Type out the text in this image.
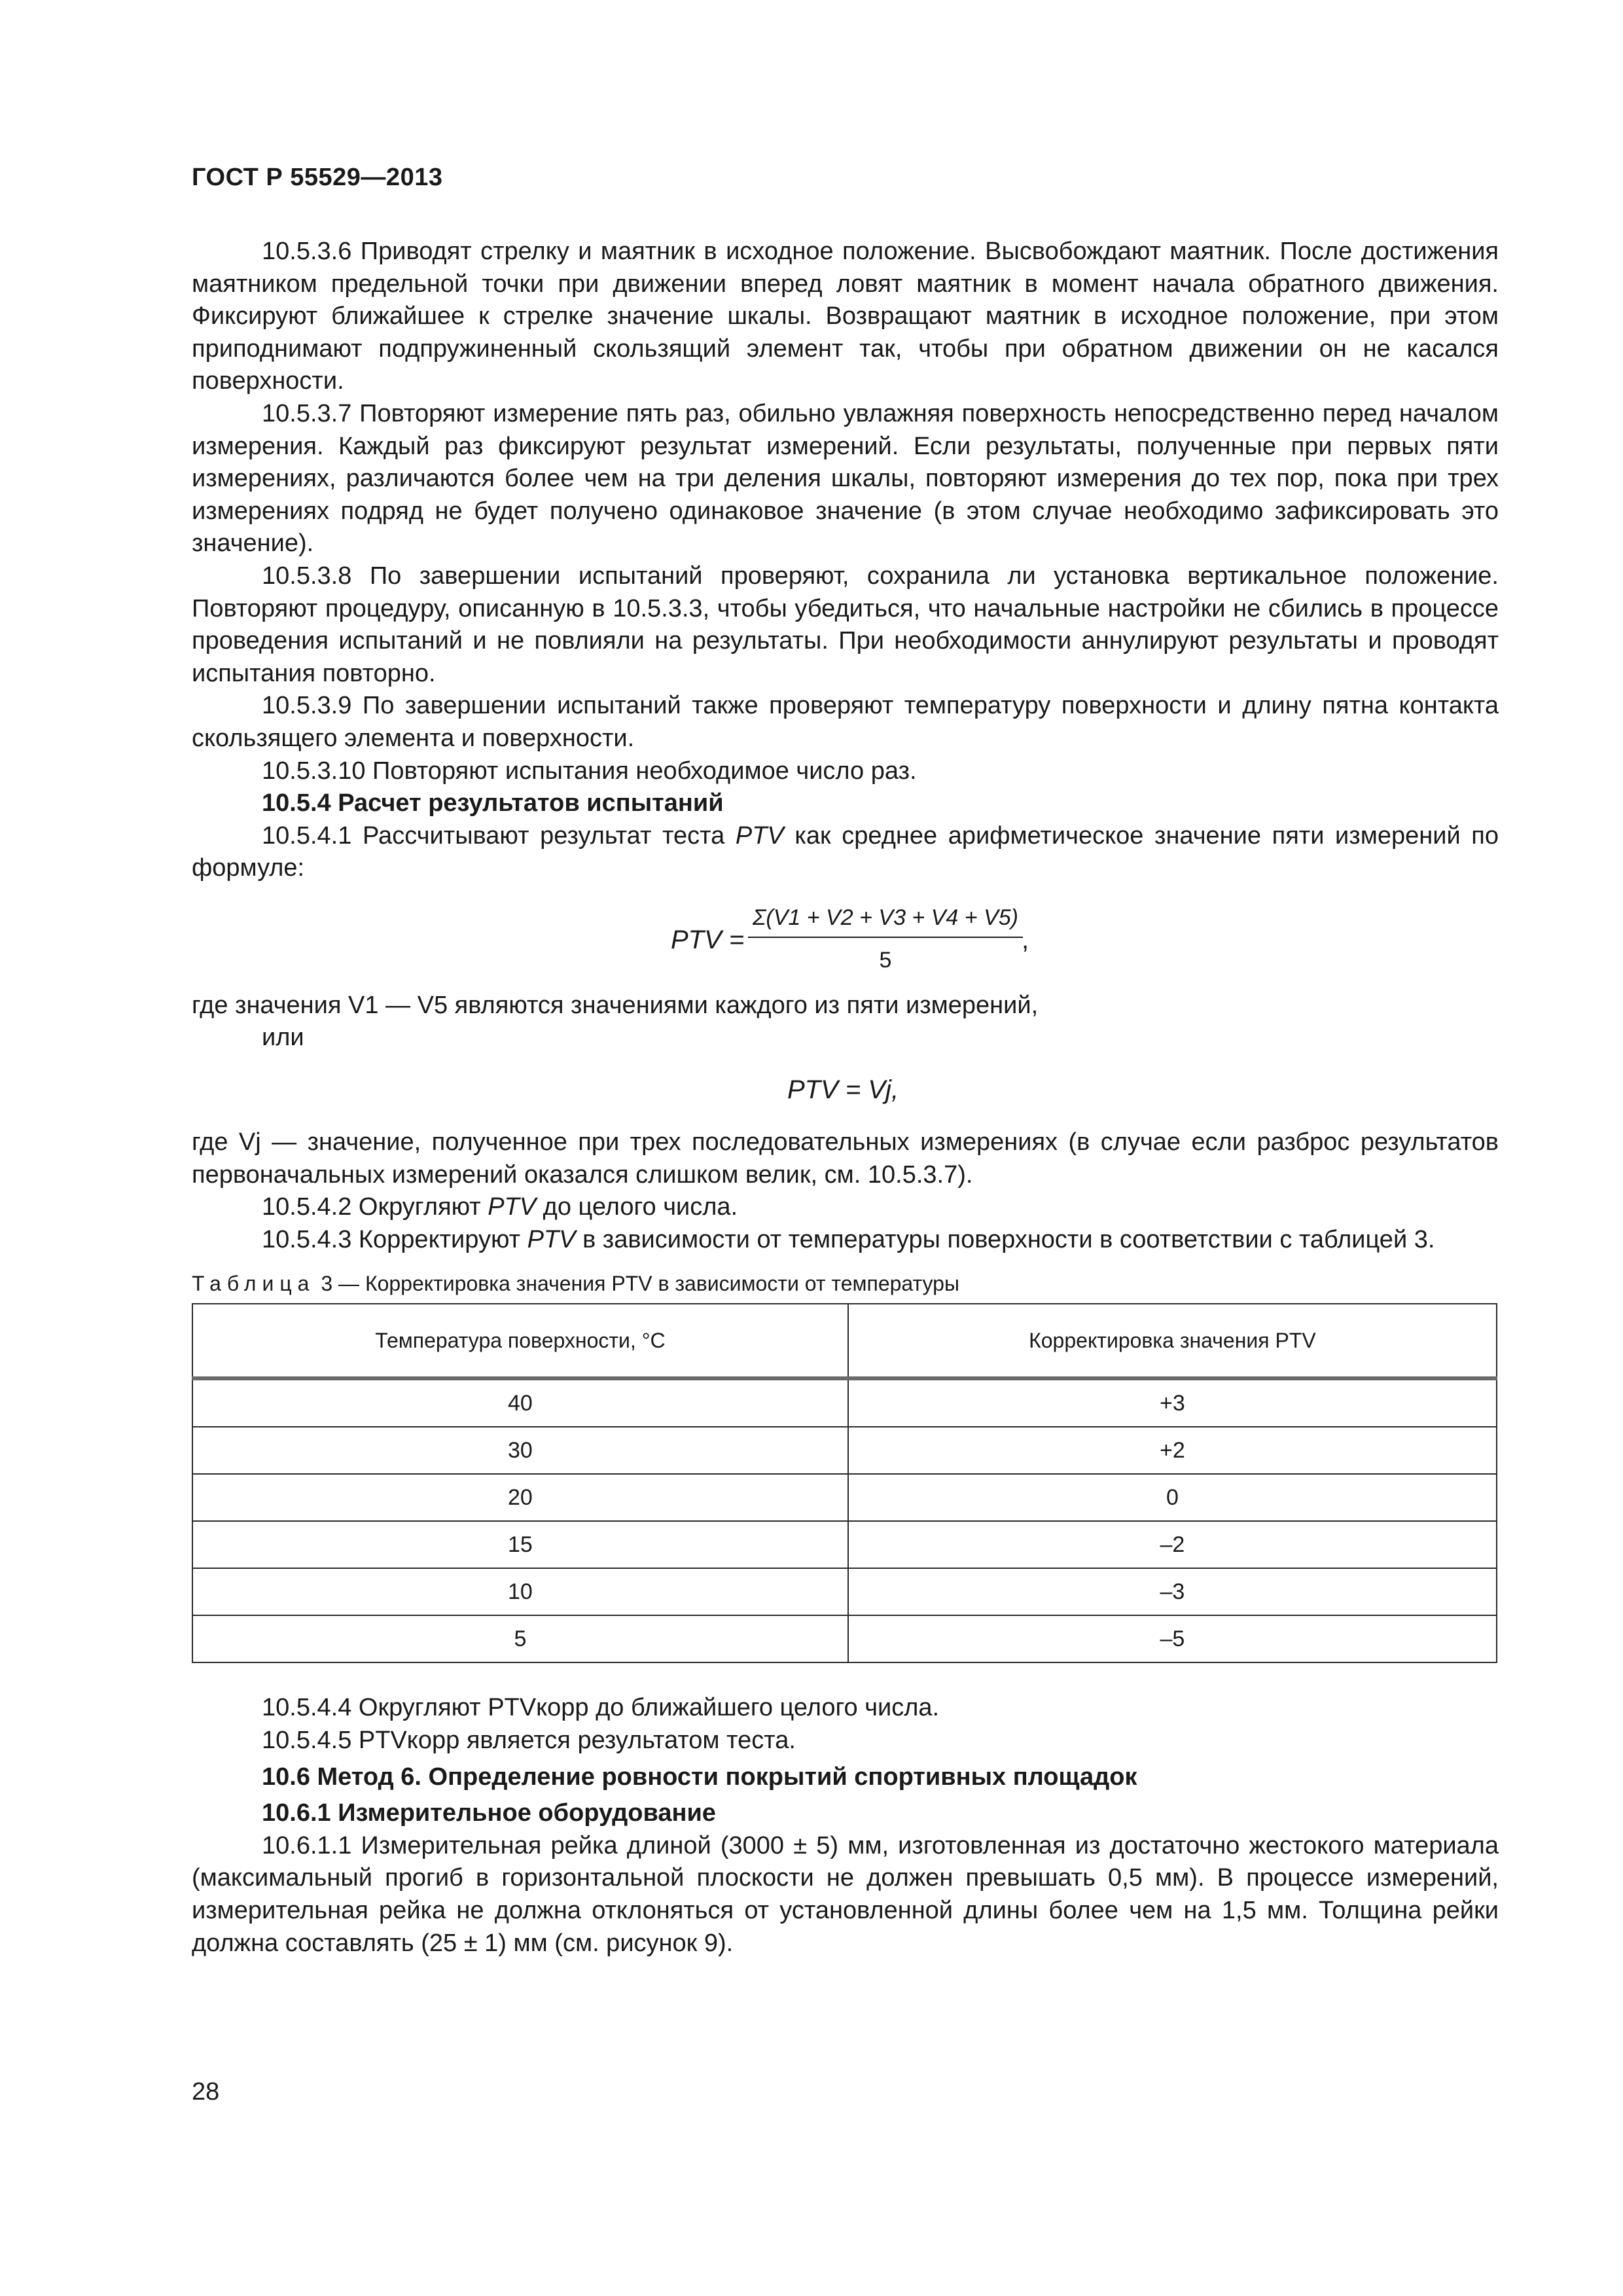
ГОСТ Р 55529—2013

10.5.3.6 Приводят стрелку и маятник в исходное положение. Высвобождают маятник. После достижения маятником предельной точки при движении вперед ловят маятник в момент начала обратного движения. Фиксируют ближайшее к стрелке значение шкалы. Возвращают маятник в исходное положение, при этом приподнимают подпружиненный скользящий элемент так, чтобы при обратном движении он не касался поверхности.

10.5.3.7 Повторяют измерение пять раз, обильно увлажняя поверхность непосредственно перед началом измерения. Каждый раз фиксируют результат измерений. Если результаты, полученные при первых пяти измерениях, различаются более чем на три деления шкалы, повторяют измерения до тех пор, пока при трех измерениях подряд не будет получено одинаковое значение (в этом случае необходимо зафиксировать это значение).

10.5.3.8 По завершении испытаний проверяют, сохранила ли установка вертикальное положение. Повторяют процедуру, описанную в 10.5.3.3, чтобы убедиться, что начальные настройки не сбились в процессе проведения испытаний и не повлияли на результаты. При необходимости аннулируют результаты и проводят испытания повторно.

10.5.3.9 По завершении испытаний также проверяют температуру поверхности и длину пятна контакта скользящего элемента и поверхности.

10.5.3.10 Повторяют испытания необходимое число раз.

10.5.4 Расчет результатов испытаний

10.5.4.1 Рассчитывают результат теста PTV как среднее арифметическое значение пяти измерений по формуле:

PTV = $\frac{\Sigma(V1 + V2 + V3 + V4 + V5)}{5}$
,

где значения V1 — V5 являются значениями каждого из пяти измерений,

или

PTV = Vj,

где Vj — значение, полученное при трех последовательных измерениях (в случае если разброс результатов первоначальных измерений оказался слишком велик, см. 10.5.3.7).

10.5.4.2 Округляют PTV до целого числа.

10.5.4.3 Корректируют PTV в зависимости от температуры поверхности в соответствии с таблицей 3.

Таблица 3 — Корректировка значения PTV в зависимости от температуры
Температура поверхности, °С	Корректировка значения PTV
40	+3
30	+2
20	0
15	–2
10	–3
5	–5

10.5.4.4 Округляют PTVкорр до ближайшего целого числа.

10.5.4.5 PTVкорр является результатом теста.

10.6 Метод 6. Определение ровности покрытий спортивных площадок

10.6.1 Измерительное оборудование

10.6.1.1 Измерительная рейка длиной (3000 ± 5) мм, изготовленная из достаточно жестокого материала (максимальный прогиб в горизонтальной плоскости не должен превышать 0,5 мм). В процессе измерений, измерительная рейка не должна отклоняться от установленной длины более чем на 1,5 мм. Толщина рейки должна составлять (25 ± 1) мм (см. рисунок 9).

28
